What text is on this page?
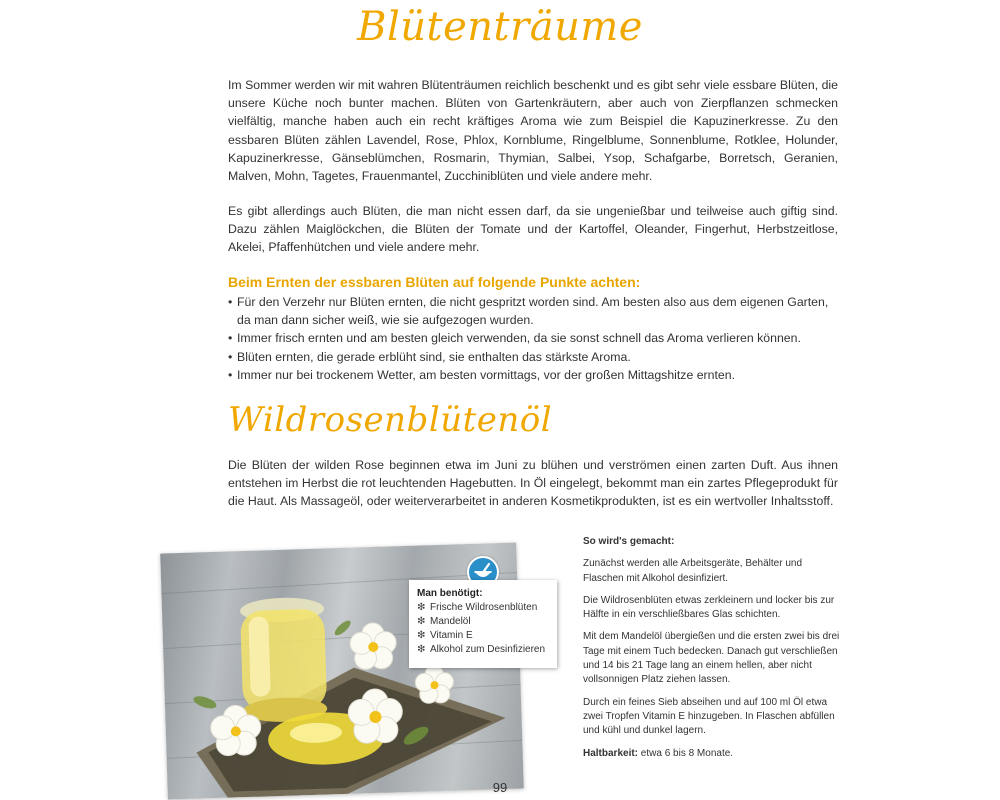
Blütenträume

Im Sommer werden wir mit wahren Blütenträumen reichlich beschenkt und es gibt sehr viele essbare Blüten, die unsere Küche noch bunter machen. Blüten von Gartenkräutern, aber auch von Zierpflanzen schmecken vielfältig, manche haben auch ein recht kräftiges Aroma wie zum Beispiel die Kapuzinerkresse. Zu den essbaren Blüten zählen Lavendel, Rose, Phlox, Kornblume, Ringelblume, Sonnenblume, Rotklee, Holunder, Kapuzinerkresse, Gänseblümchen, Rosmarin, Thymian, Salbei, Ysop, Schafgarbe, Borretsch, Geranien, Malven, Mohn, Tagetes, Frauenmantel, Zucchiniblüten und viele andere mehr.

Es gibt allerdings auch Blüten, die man nicht essen darf, da sie ungenießbar und teilweise auch giftig sind. Dazu zählen Maiglöckchen, die Blüten der Tomate und der Kartoffel, Oleander, Fingerhut, Herbstzeitlose, Akelei, Pfaffenhütchen und viele andere mehr.

Beim Ernten der essbaren Blüten auf folgende Punkte achten:
• Für den Verzehr nur Blüten ernten, die nicht gespritzt worden sind. Am besten also aus dem eigenen Garten, da man dann sicher weiß, wie sie aufgezogen wurden.
• Immer frisch ernten und am besten gleich verwenden, da sie sonst schnell das Aroma verlieren können.
• Blüten ernten, die gerade erblüht sind, sie enthalten das stärkste Aroma.
• Immer nur bei trockenem Wetter, am besten vormittags, vor der großen Mittagshitze ernten.
Wildrosenblütenöl

Die Blüten der wilden Rose beginnen etwa im Juni zu blühen und verströmen einen zarten Duft. Aus ihnen entstehen im Herbst die rot leuchtenden Hagebutten. In Öl eingelegt, bekommt man ein zartes Pflegeprodukt für die Haut. Als Massageöl, oder weiterverarbeitet in anderen Kosmetikprodukten, ist es ein wertvoller Inhaltsstoff.

Man benötigt:

❇ Frische Wildrosenblüten
❇ Mandelöl
❇ Vitamin E
❇ Alkohol zum Desinfizieren

So wird's gemacht:

Zunächst werden alle Arbeitsgeräte, Behälter und Flaschen mit Alkohol desinfiziert.

Die Wildrosenblüten etwas zerkleinern und locker bis zur Hälfte in ein verschließbares Glas schichten.

Mit dem Mandelöl übergießen und die ersten zwei bis drei Tage mit einem Tuch bedecken. Danach gut verschließen und 14 bis 21 Tage lang an einem hellen, aber nicht vollsonnigen Platz ziehen lassen.

Durch ein feines Sieb abseihen und auf 100 ml Öl etwa zwei Tropfen Vitamin E hinzugeben. In Flaschen abfüllen und kühl und dunkel lagern.

Haltbarkeit: etwa 6 bis 8 Monate.

99
